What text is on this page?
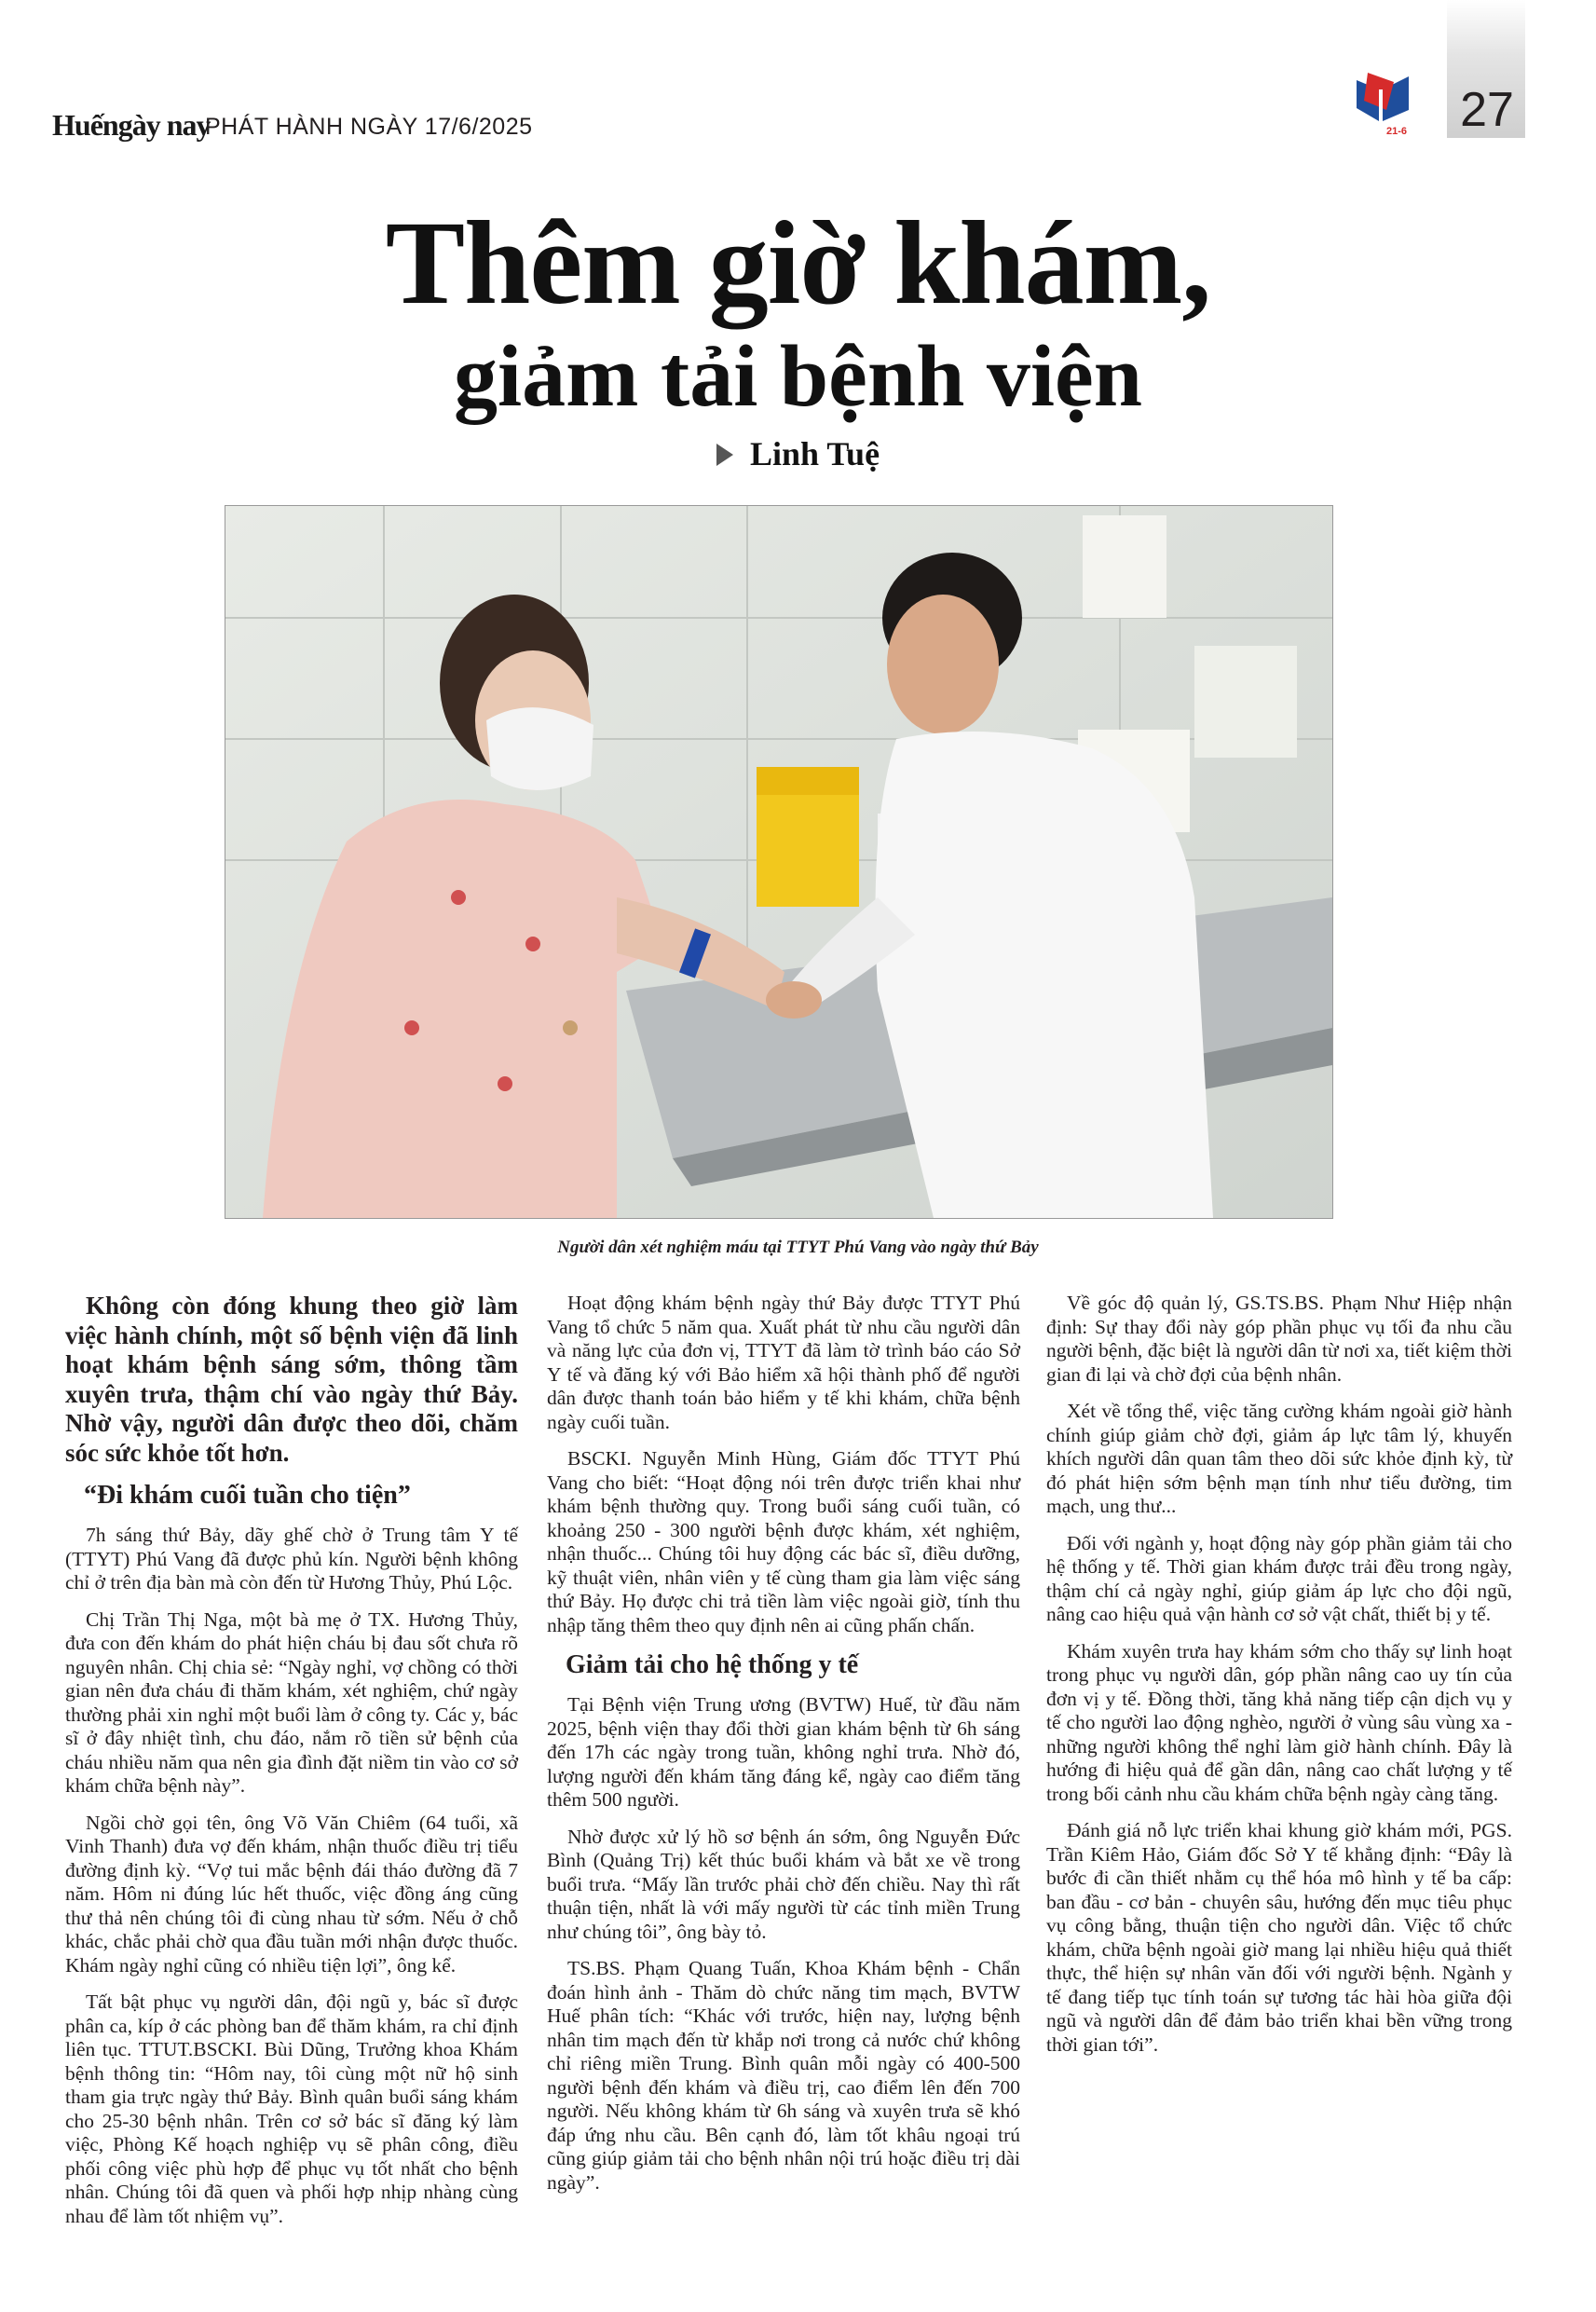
27
Huếngày nay
PHÁT HÀNH NGÀY 17/6/2025	21-6
Thêm giờ khám,
giảm tải bệnh viện
Linh Tuệ
Người dân xét nghiệm máu tại TTYT Phú Vang vào ngày thứ Bảy

Không còn đóng khung theo giờ làm việc hành chính, một số bệnh viện đã linh hoạt khám bệnh sáng sớm, thông tầm xuyên trưa, thậm chí vào ngày thứ Bảy. Nhờ vậy, người dân được theo dõi, chăm sóc sức khỏe tốt hơn.

“Đi khám cuối tuần cho tiện”

7h sáng thứ Bảy, dãy ghế chờ ở Trung tâm Y tế (TTYT) Phú Vang đã được phủ kín. Người bệnh không chỉ ở trên địa bàn mà còn đến từ Hương Thủy, Phú Lộc.

Chị Trần Thị Nga, một bà mẹ ở TX. Hương Thủy, đưa con đến khám do phát hiện cháu bị đau sốt chưa rõ nguyên nhân. Chị chia sẻ: “Ngày nghỉ, vợ chồng có thời gian nên đưa cháu đi thăm khám, xét nghiệm, chứ ngày thường phải xin nghỉ một buổi làm ở công ty. Các y, bác sĩ ở đây nhiệt tình, chu đáo, nắm rõ tiền sử bệnh của cháu nhiều năm qua nên gia đình đặt niềm tin vào cơ sở khám chữa bệnh này”.

Ngồi chờ gọi tên, ông Võ Văn Chiêm (64 tuổi, xã Vinh Thanh) đưa vợ đến khám, nhận thuốc điều trị tiểu đường định kỳ. “Vợ tui mắc bệnh đái tháo đường đã 7 năm. Hôm ni đúng lúc hết thuốc, việc đồng áng cũng thư thả nên chúng tôi đi cùng nhau từ sớm. Nếu ở chỗ khác, chắc phải chờ qua đầu tuần mới nhận được thuốc. Khám ngày nghỉ cũng có nhiều tiện lợi”, ông kể.

Tất bật phục vụ người dân, đội ngũ y, bác sĩ được phân ca, kíp ở các phòng ban để thăm khám, ra chỉ định liên tục. TTUT.BSCKI. Bùi Dũng, Trưởng khoa Khám bệnh thông tin: “Hôm nay, tôi cùng một nữ hộ sinh tham gia trực ngày thứ Bảy. Bình quân buổi sáng khám cho 25-30 bệnh nhân. Trên cơ sở bác sĩ đăng ký làm việc, Phòng Kế hoạch nghiệp vụ sẽ phân công, điều phối công việc phù hợp để phục vụ tốt nhất cho bệnh nhân. Chúng tôi đã quen và phối hợp nhịp nhàng cùng nhau để làm tốt nhiệm vụ”.

Hoạt động khám bệnh ngày thứ Bảy được TTYT Phú Vang tổ chức 5 năm qua. Xuất phát từ nhu cầu người dân và năng lực của đơn vị, TTYT đã làm tờ trình báo cáo Sở Y tế và đăng ký với Bảo hiểm xã hội thành phố để người dân được thanh toán bảo hiểm y tế khi khám, chữa bệnh ngày cuối tuần.

BSCKI. Nguyễn Minh Hùng, Giám đốc TTYT Phú Vang cho biết: “Hoạt động nói trên được triển khai như khám bệnh thường quy. Trong buổi sáng cuối tuần, có khoảng 250 - 300 người bệnh được khám, xét nghiệm, nhận thuốc... Chúng tôi huy động các bác sĩ, điều dưỡng, kỹ thuật viên, nhân viên y tế cùng tham gia làm việc sáng thứ Bảy. Họ được chi trả tiền làm việc ngoài giờ, tính thu nhập tăng thêm theo quy định nên ai cũng phấn chấn.

Giảm tải cho hệ thống y tế

Tại Bệnh viện Trung ương (BVTW) Huế, từ đầu năm 2025, bệnh viện thay đổi thời gian khám bệnh từ 6h sáng đến 17h các ngày trong tuần, không nghỉ trưa. Nhờ đó, lượng người đến khám tăng đáng kể, ngày cao điểm tăng thêm 500 người.

Nhờ được xử lý hồ sơ bệnh án sớm, ông Nguyễn Đức Bình (Quảng Trị) kết thúc buổi khám và bắt xe về trong buổi trưa. “Mấy lần trước phải chờ đến chiều. Nay thì rất thuận tiện, nhất là với mấy người từ các tỉnh miền Trung như chúng tôi”, ông bày tỏ.

TS.BS. Phạm Quang Tuấn, Khoa Khám bệnh - Chẩn đoán hình ảnh - Thăm dò chức năng tim mạch, BVTW Huế phân tích: “Khác với trước, hiện nay, lượng bệnh nhân tim mạch đến từ khắp nơi trong cả nước chứ không chỉ riêng miền Trung. Bình quân mỗi ngày có 400-500 người bệnh đến khám và điều trị, cao điểm lên đến 700 người. Nếu không khám từ 6h sáng và xuyên trưa sẽ khó đáp ứng nhu cầu. Bên cạnh đó, làm tốt khâu ngoại trú cũng giúp giảm tải cho bệnh nhân nội trú hoặc điều trị dài ngày”.

Về góc độ quản lý, GS.TS.BS. Phạm Như Hiệp nhận định: Sự thay đổi này góp phần phục vụ tối đa nhu cầu người bệnh, đặc biệt là người dân từ nơi xa, tiết kiệm thời gian đi lại và chờ đợi của bệnh nhân.

Xét về tổng thể, việc tăng cường khám ngoài giờ hành chính giúp giảm chờ đợi, giảm áp lực tâm lý, khuyến khích người dân quan tâm theo dõi sức khỏe định kỳ, từ đó phát hiện sớm bệnh mạn tính như tiểu đường, tim mạch, ung thư...

Đối với ngành y, hoạt động này góp phần giảm tải cho hệ thống y tế. Thời gian khám được trải đều trong ngày, thậm chí cả ngày nghỉ, giúp giảm áp lực cho đội ngũ, nâng cao hiệu quả vận hành cơ sở vật chất, thiết bị y tế.

Khám xuyên trưa hay khám sớm cho thấy sự linh hoạt trong phục vụ người dân, góp phần nâng cao uy tín của đơn vị y tế. Đồng thời, tăng khả năng tiếp cận dịch vụ y tế cho người lao động nghèo, người ở vùng sâu vùng xa - những người không thể nghỉ làm giờ hành chính. Đây là hướng đi hiệu quả để gần dân, nâng cao chất lượng y tế trong bối cảnh nhu cầu khám chữa bệnh ngày càng tăng.

Đánh giá nỗ lực triển khai khung giờ khám mới, PGS. Trần Kiêm Hảo, Giám đốc Sở Y tế khẳng định: “Đây là bước đi cần thiết nhằm cụ thể hóa mô hình y tế ba cấp: ban đầu - cơ bản - chuyên sâu, hướng đến mục tiêu phục vụ công bằng, thuận tiện cho người dân. Việc tổ chức khám, chữa bệnh ngoài giờ mang lại nhiều hiệu quả thiết thực, thể hiện sự nhân văn đối với người bệnh. Ngành y tế đang tiếp tục tính toán sự tương tác hài hòa giữa đội ngũ và người dân để đảm bảo triển khai bền vững trong thời gian tới”.
